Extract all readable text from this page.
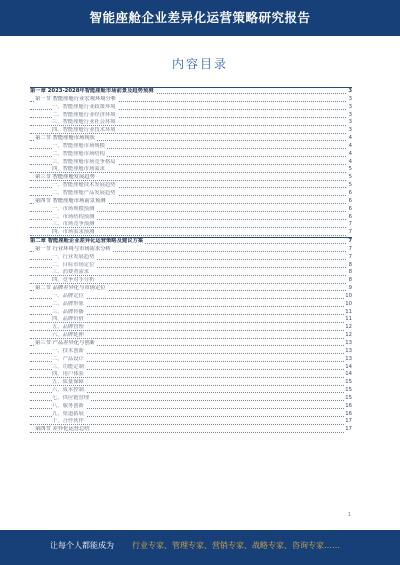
智能座舱企业差异化运营策略研究报告
内容目录
第一章 2023-2028年智能座舱市场前景及趋势预测	3
第一节 智能座舱行业宏观环境分析	3
一、智能座舱行业政策环境	3
二、智能座舱行业经济环境	3
三、智能座舱行业社会环境	3
四、智能座舱行业技术环境	3
第二节 智能座舱市场现状	4
一、智能座舱市场规模	4
二、智能座舱市场结构	4
三、智能座舱市场竞争格局	4
四、智能座舱市场需求	5
第三节 智能座舱发展趋势	5
一、智能座舱技术发展趋势	5
二、智能座舱产品发展趋势	6
第四节 智能座舱市场前景预测	6
一、市场规模预测	6
二、市场结构预测	6
三、市场竞争预测	7
四、市场需求预测	7
第二章 智能座舱企业差异化运营策略及建议方案	7
第一节 行业环境与市场需求分析	7
一、行业发展趋势	7
二、目标市场定位	8
三、消费者需求	8
四、竞争对手分析	8
第二节 品牌差异化与市场定位	9
一、品牌定位	10
二、品牌形象	10
三、品牌传播	11
四、品牌价值	11
五、品牌管理	12
六、品牌延伸	12
第三节 产品差异化与创新	13
一、技术创新	13
二、产品设计	13
三、功能定制	14
四、用户体验	14
五、质量保障	15
六、成本控制	15
七、供应链管理	15
八、服务创新	16
九、渠道拓展	16
十、合作伙伴	17
第四节 差异化运营总结	17
1
让每个人都能成为 行业专家、管理专家、营销专家、战略专家、咨询专家……
